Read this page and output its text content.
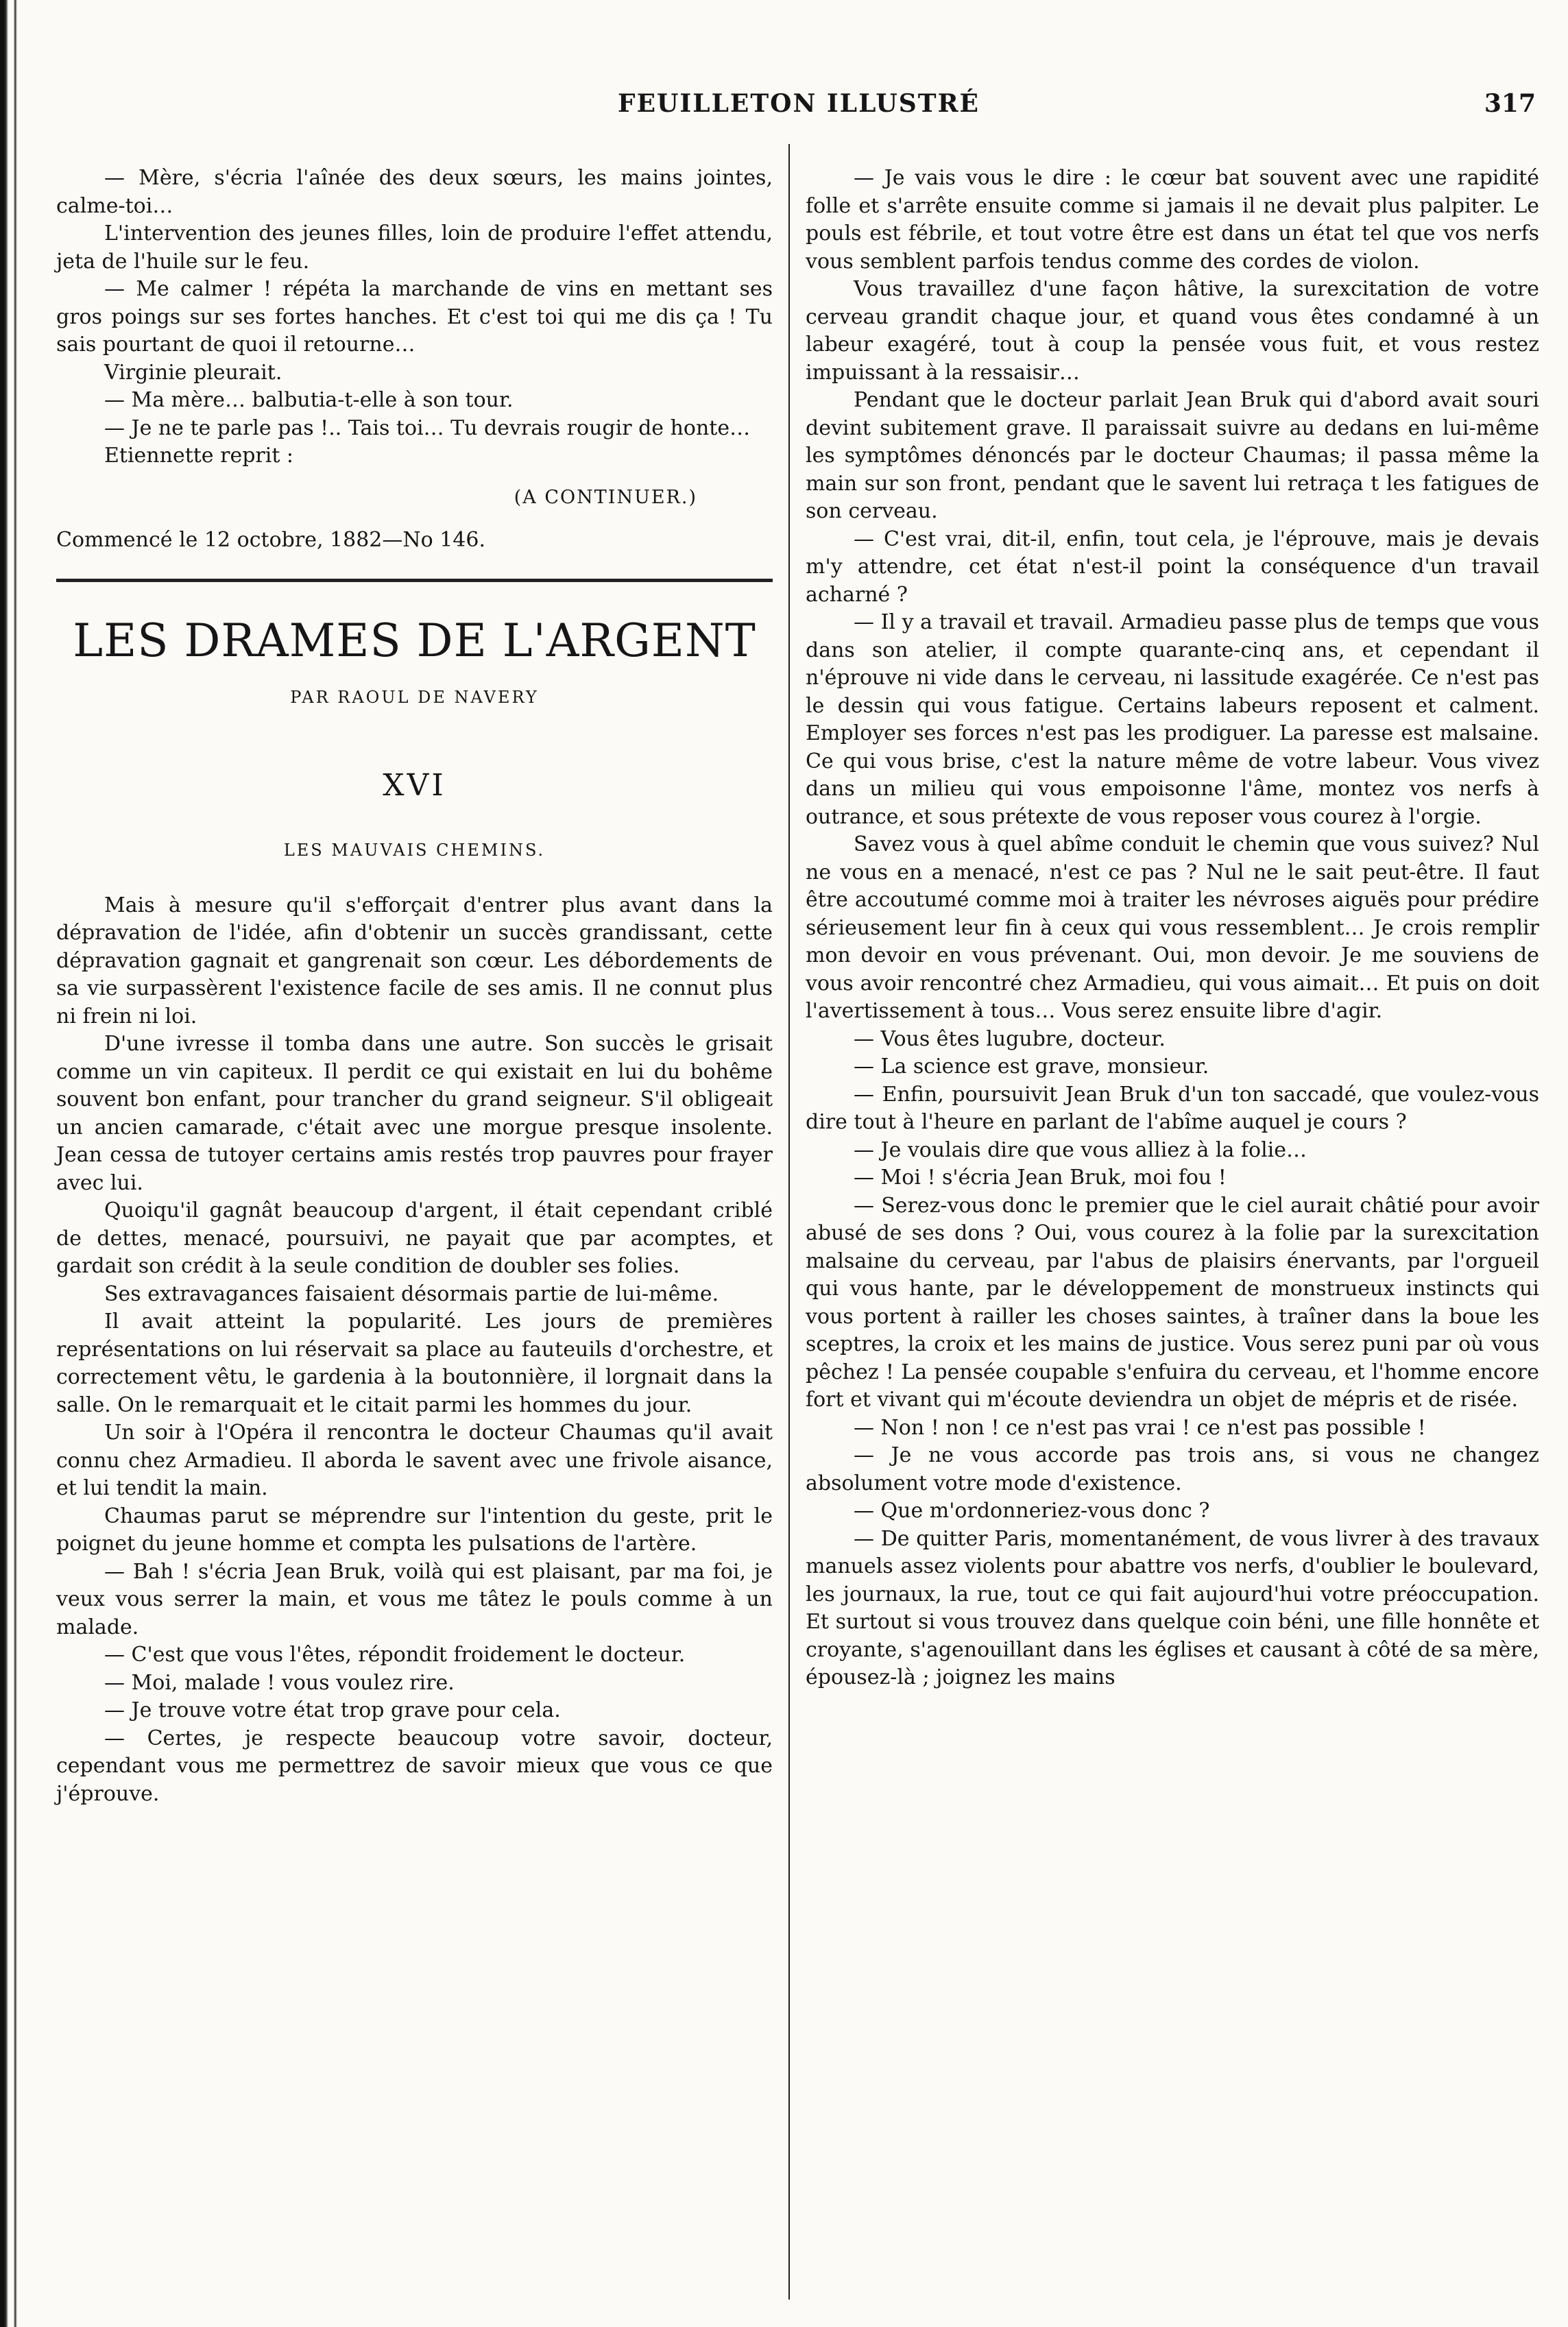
FEUILLETON ILLUSTRÉ	317

— Mère, s'écria l'aînée des deux sœurs, les mains jointes, calme-toi…

L'intervention des jeunes filles, loin de produire l'effet attendu, jeta de l'huile sur le feu.

— Me calmer ! répéta la marchande de vins en mettant ses gros poings sur ses fortes hanches. Et c'est toi qui me dis ça ! Tu sais pourtant de quoi il retourne…

Virginie pleurait.

— Ma mère… balbutia-t-elle à son tour.

— Je ne te parle pas !.. Tais toi… Tu devrais rougir de honte…

Etiennette reprit :

(A CONTINUER.)

Commencé le 12 octobre, 1882—No 146.

LES DRAMES DE L'ARGENT
PAR RAOUL DE NAVERY
XVI
LES MAUVAIS CHEMINS.

Mais à mesure qu'il s'efforçait d'entrer plus avant dans la dépravation de l'idée, afin d'obtenir un succès grandissant, cette dépravation gagnait et gangrenait son cœur. Les débordements de sa vie surpassèrent l'existence facile de ses amis. Il ne connut plus ni frein ni loi.

D'une ivresse il tomba dans une autre. Son succès le grisait comme un vin capiteux. Il perdit ce qui existait en lui du bohême souvent bon enfant, pour trancher du grand seigneur. S'il obligeait un ancien camarade, c'était avec une morgue presque insolente. Jean cessa de tutoyer certains amis restés trop pauvres pour frayer avec lui.

Quoiqu'il gagnât beaucoup d'argent, il était cependant criblé de dettes, menacé, poursuivi, ne payait que par acomptes, et gardait son crédit à la seule condition de doubler ses folies.

Ses extravagances faisaient désormais partie de lui-même.

Il avait atteint la popularité. Les jours de premières représentations on lui réservait sa place au fauteuils d'orchestre, et correctement vêtu, le gardenia à la boutonnière, il lorgnait dans la salle. On le remarquait et le citait parmi les hommes du jour.

Un soir à l'Opéra il rencontra le docteur Chaumas qu'il avait connu chez Armadieu. Il aborda le savent avec une frivole aisance, et lui tendit la main.

Chaumas parut se méprendre sur l'intention du geste, prit le poignet du jeune homme et compta les pulsations de l'artère.

— Bah ! s'écria Jean Bruk, voilà qui est plaisant, par ma foi, je veux vous serrer la main, et vous me tâtez le pouls comme à un malade.

— C'est que vous l'êtes, répondit froidement le docteur.

— Moi, malade ! vous voulez rire.

— Je trouve votre état trop grave pour cela.

— Certes, je respecte beaucoup votre savoir, docteur, cependant vous me permettrez de savoir mieux que vous ce que j'éprouve.

— Je vais vous le dire : le cœur bat souvent avec une rapidité folle et s'arrête ensuite comme si jamais il ne devait plus palpiter. Le pouls est fébrile, et tout votre être est dans un état tel que vos nerfs vous semblent parfois tendus comme des cordes de violon.

Vous travaillez d'une façon hâtive, la surexcitation de votre cerveau grandit chaque jour, et quand vous êtes condamné à un labeur exagéré, tout à coup la pensée vous fuit, et vous restez impuissant à la ressaisir…

Pendant que le docteur parlait Jean Bruk qui d'abord avait souri devint subitement grave. Il paraissait suivre au dedans en lui-même les symptômes dénoncés par le docteur Chaumas; il passa même la main sur son front, pendant que le savent lui retraça t les fatigues de son cerveau.

— C'est vrai, dit-il, enfin, tout cela, je l'éprouve, mais je devais m'y attendre, cet état n'est-il point la conséquence d'un travail acharné ?

— Il y a travail et travail. Armadieu passe plus de temps que vous dans son atelier, il compte quarante-cinq ans, et cependant il n'éprouve ni vide dans le cerveau, ni lassitude exagérée. Ce n'est pas le dessin qui vous fatigue. Certains labeurs reposent et calment. Employer ses forces n'est pas les prodiguer. La paresse est malsaine. Ce qui vous brise, c'est la nature même de votre labeur. Vous vivez dans un milieu qui vous empoisonne l'âme, montez vos nerfs à outrance, et sous prétexte de vous reposer vous courez à l'orgie.

Savez vous à quel abîme conduit le chemin que vous suivez? Nul ne vous en a menacé, n'est ce pas ? Nul ne le sait peut-être. Il faut être accoutumé comme moi à traiter les névroses aiguës pour prédire sérieusement leur fin à ceux qui vous ressemblent… Je crois remplir mon devoir en vous prévenant. Oui, mon devoir. Je me souviens de vous avoir rencontré chez Armadieu, qui vous aimait… Et puis on doit l'avertissement à tous… Vous serez ensuite libre d'agir.

— Vous êtes lugubre, docteur.

— La science est grave, monsieur.

— Enfin, poursuivit Jean Bruk d'un ton saccadé, que voulez-vous dire tout à l'heure en parlant de l'abîme auquel je cours ?

— Je voulais dire que vous alliez à la folie…

— Moi ! s'écria Jean Bruk, moi fou !

— Serez-vous donc le premier que le ciel aurait châtié pour avoir abusé de ses dons ? Oui, vous courez à la folie par la surexcitation malsaine du cerveau, par l'abus de plaisirs énervants, par l'orgueil qui vous hante, par le développement de monstrueux instincts qui vous portent à railler les choses saintes, à traîner dans la boue les sceptres, la croix et les mains de justice. Vous serez puni par où vous pêchez ! La pensée coupable s'enfuira du cerveau, et l'homme encore fort et vivant qui m'écoute deviendra un objet de mépris et de risée.

— Non ! non ! ce n'est pas vrai ! ce n'est pas possible !

— Je ne vous accorde pas trois ans, si vous ne changez absolument votre mode d'existence.

— Que m'ordonneriez-vous donc ?

— De quitter Paris, momentanément, de vous livrer à des travaux manuels assez violents pour abattre vos nerfs, d'oublier le boulevard, les journaux, la rue, tout ce qui fait aujourd'hui votre préoccupation. Et surtout si vous trouvez dans quelque coin béni, une fille honnête et croyante, s'agenouillant dans les églises et causant à côté de sa mère, épousez-là ; joignez les mains
